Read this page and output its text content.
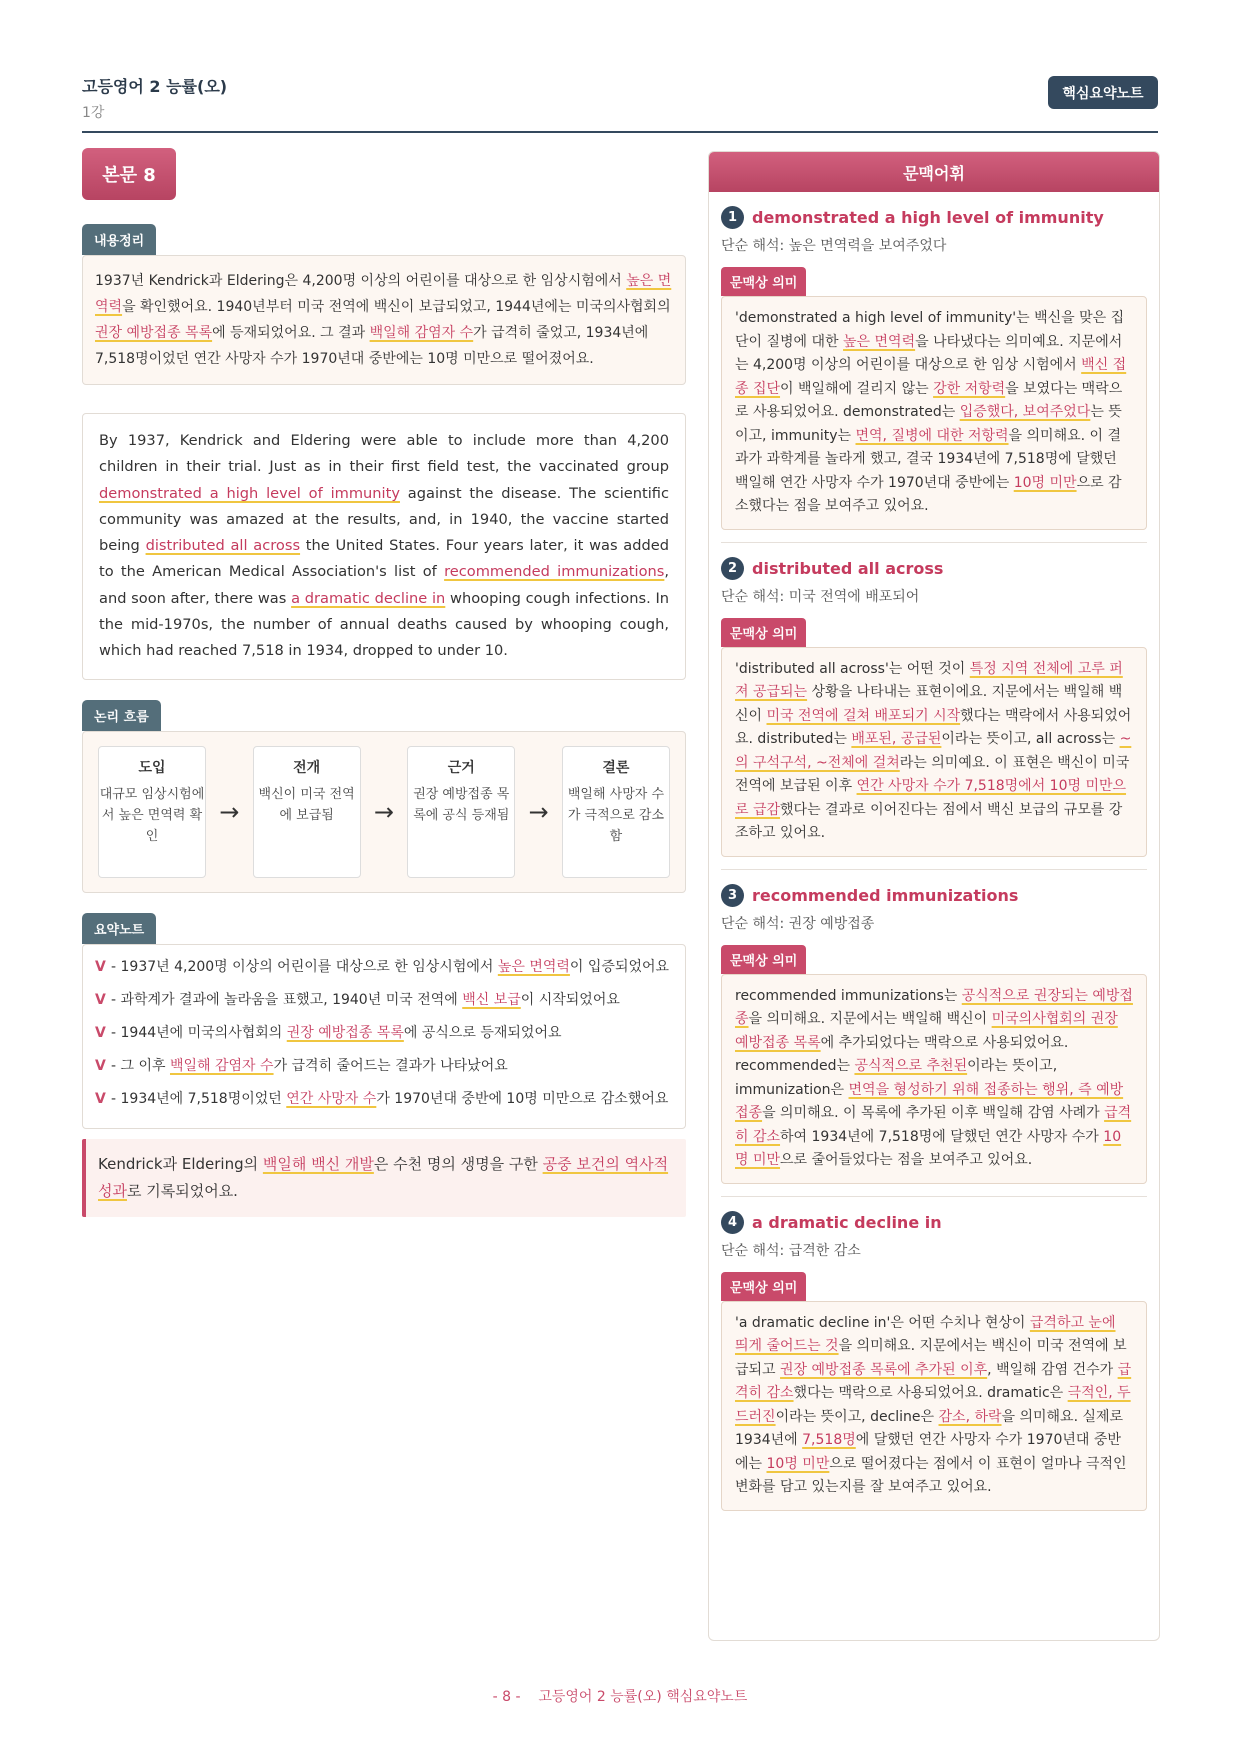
고등영어 2 능률(오)
1강
핵심요약노트
본문 8
내용정리
1937년 Kendrick과 Eldering은 4,200명 이상의 어린이를 대상으로 한 임상시험에서 높은 면역력을 확인했어요. 1940년부터 미국 전역에 백신이 보급되었고, 1944년에는 미국의사협회의 권장 예방접종 목록에 등재되었어요. 그 결과 백일해 감염자 수가 급격히 줄었고, 1934년에 7,518명이었던 연간 사망자 수가 1970년대 중반에는 10명 미만으로 떨어졌어요.
By 1937, Kendrick and Eldering were able to include more than 4,200 children in their trial. Just as in their first field test, the vaccinated group demonstrated a high level of immunity against the disease. The scientific community was amazed at the results, and, in 1940, the vaccine started being distributed all across the United States. Four years later, it was added to the American Medical Association's list of recommended immunizations, and soon after, there was a dramatic decline in whooping cough infections. In the mid-1970s, the number of annual deaths caused by whooping cough, which had reached 7,518 in 1934, dropped to under 10.
논리 흐름
도입
대규모 임상시험에서 높은 면역력 확인
→
전개
백신이 미국 전역에 보급됨	→
근거
권장 예방접종 목록에 공식 등재됨 →
결론
백일해 사망자 수가 극적으로 감소함
요약노트
V - 1937년 4,200명 이상의 어린이를 대상으로 한 임상시험에서 높은 면역력이 입증되었어요
V - 과학계가 결과에 놀라움을 표했고, 1940년 미국 전역에 백신 보급이 시작되었어요
V - 1944년에 미국의사협회의 권장 예방접종 목록에 공식으로 등재되었어요
V - 그 이후 백일해 감염자 수가 급격히 줄어드는 결과가 나타났어요
V - 1934년에 7,518명이었던 연간 사망자 수가 1970년대 중반에 10명 미만으로 감소했어요
Kendrick과 Eldering의 백일해 백신 개발은 수천 명의 생명을 구한 공중 보건의 역사적 성과로 기록되었어요.
문맥어휘
1 demonstrated a high level of immunity
단순 해석: 높은 면역력을 보여주었다
문맥상 의미
'demonstrated a high level of immunity'는 백신을 맞은 집단이 질병에 대한 높은 면역력을 나타냈다는 의미예요. 지문에서는 4,200명 이상의 어린이를 대상으로 한 임상 시험에서 백신 접종 집단이 백일해에 걸리지 않는 강한 저항력을 보였다는 맥락으로 사용되었어요. demonstrated는 입증했다, 보여주었다는 뜻이고, immunity는 면역, 질병에 대한 저항력을 의미해요. 이 결과가 과학계를 놀라게 했고, 결국 1934년에 7,518명에 달했던 백일해 연간 사망자 수가 1970년대 중반에는 10명 미만으로 감소했다는 점을 보여주고 있어요.
2 distributed all across
단순 해석: 미국 전역에 배포되어
문맥상 의미
'distributed all across'는 어떤 것이 특정 지역 전체에 고루 퍼져 공급되는 상황을 나타내는 표현이에요. 지문에서는 백일해 백신이 미국 전역에 걸쳐 배포되기 시작했다는 맥락에서 사용되었어요. distributed는 배포된, 공급된이라는 뜻이고, all across는 ~의 구석구석, ~전체에 걸쳐라는 의미예요. 이 표현은 백신이 미국 전역에 보급된 이후 연간 사망자 수가 7,518명에서 10명 미만으로 급감했다는 결과로 이어진다는 점에서 백신 보급의 규모를 강조하고 있어요.
3 recommended immunizations
단순 해석: 권장 예방접종
문맥상 의미
recommended immunizations는 공식적으로 권장되는 예방접종을 의미해요. 지문에서는 백일해 백신이 미국의사협회의 권장 예방접종 목록에 추가되었다는 맥락으로 사용되었어요. recommended는 공식적으로 추천된이라는 뜻이고, immunization은 면역을 형성하기 위해 접종하는 행위, 즉 예방접종을 의미해요. 이 목록에 추가된 이후 백일해 감염 사례가 급격히 감소하여 1934년에 7,518명에 달했던 연간 사망자 수가 10명 미만으로 줄어들었다는 점을 보여주고 있어요.
4 a dramatic decline in
단순 해석: 급격한 감소
문맥상 의미
'a dramatic decline in'은 어떤 수치나 현상이 급격하고 눈에 띄게 줄어드는 것을 의미해요. 지문에서는 백신이 미국 전역에 보급되고 권장 예방접종 목록에 추가된 이후, 백일해 감염 건수가 급격히 감소했다는 맥락으로 사용되었어요. dramatic은 극적인, 두드러진이라는 뜻이고, decline은 감소, 하락을 의미해요. 실제로 1934년에 7,518명에 달했던 연간 사망자 수가 1970년대 중반에는 10명 미만으로 떨어졌다는 점에서 이 표현이 얼마나 극적인 변화를 담고 있는지를 잘 보여주고 있어요.
- 8 - 고등영어 2 능률(오) 핵심요약노트
